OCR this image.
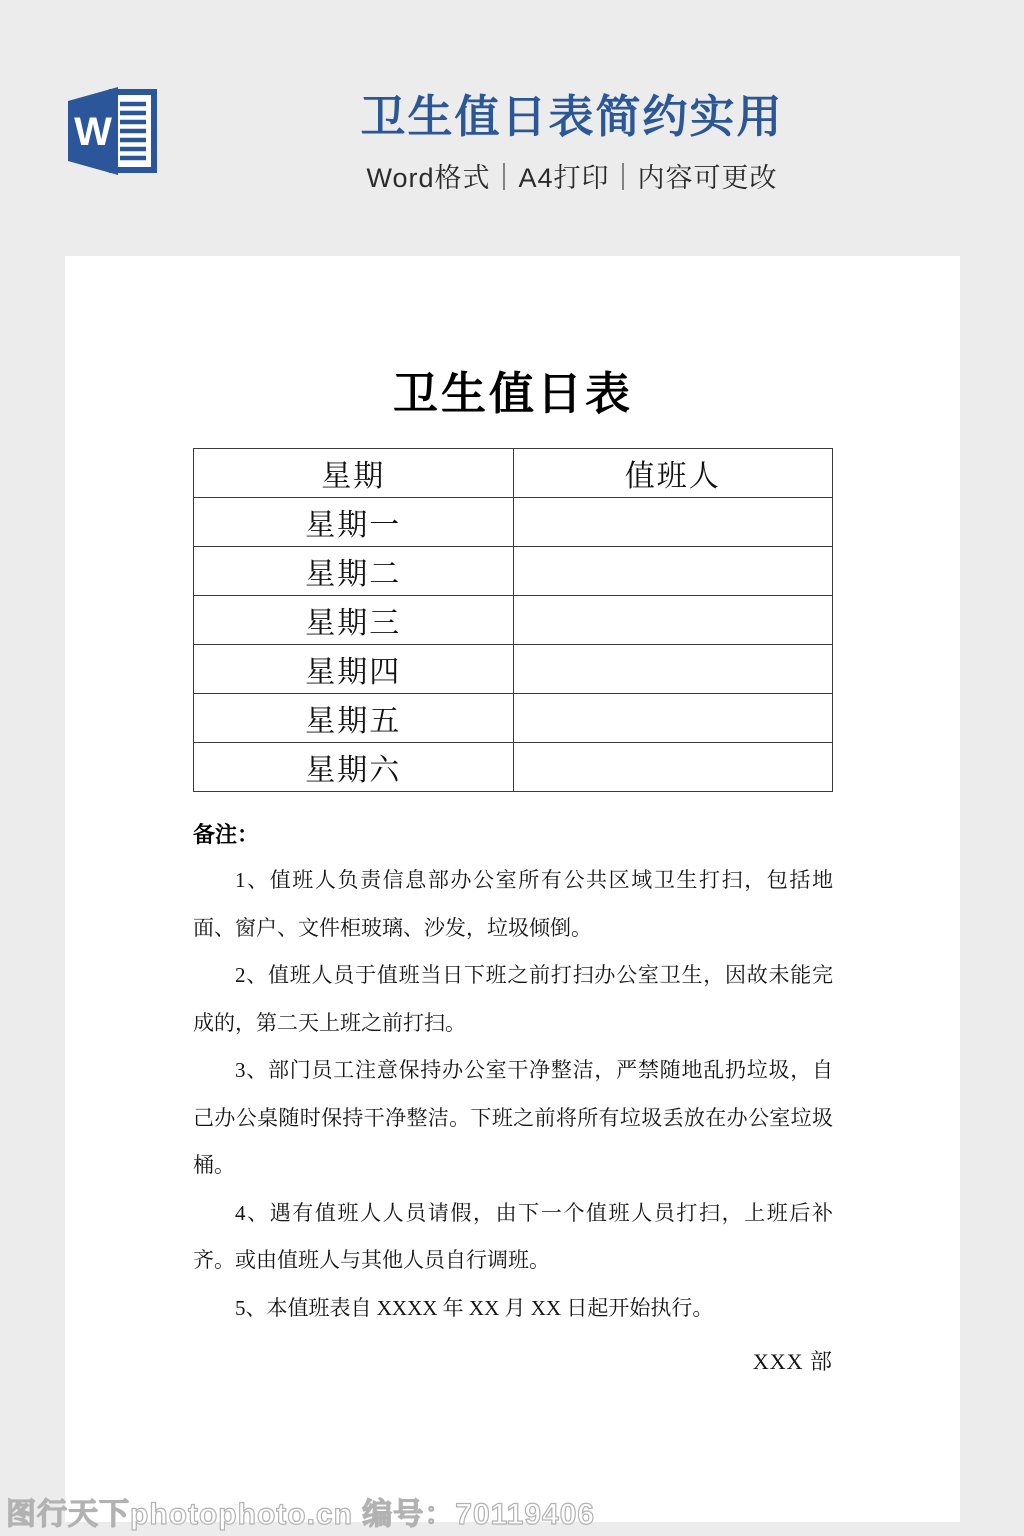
W	卫生值日表简约实用
Word格式｜A4打印｜内容可更改
卫生值日表
星期	值班人
星期一	
星期二	
星期三	
星期四	
星期五	
星期六	
备注：

1、值班人负责信息部办公室所有公共区域卫生打扫，包括地面、窗户、文件柜玻璃、沙发，垃圾倾倒。

2、值班人员于值班当日下班之前打扫办公室卫生，因故未能完成的，第二天上班之前打扫。

3、部门员工注意保持办公室干净整洁，严禁随地乱扔垃圾，自己办公桌随时保持干净整洁。下班之前将所有垃圾丢放在办公室垃圾桶。

4、遇有值班人人员请假，由下一个值班人员打扫，上班后补齐。或由值班人与其他人员自行调班。

5、本值班表自 XXXX 年 XX 月 XX 日起开始执行。

XXX 部
图行天下photophoto.cn 编号：70119406
